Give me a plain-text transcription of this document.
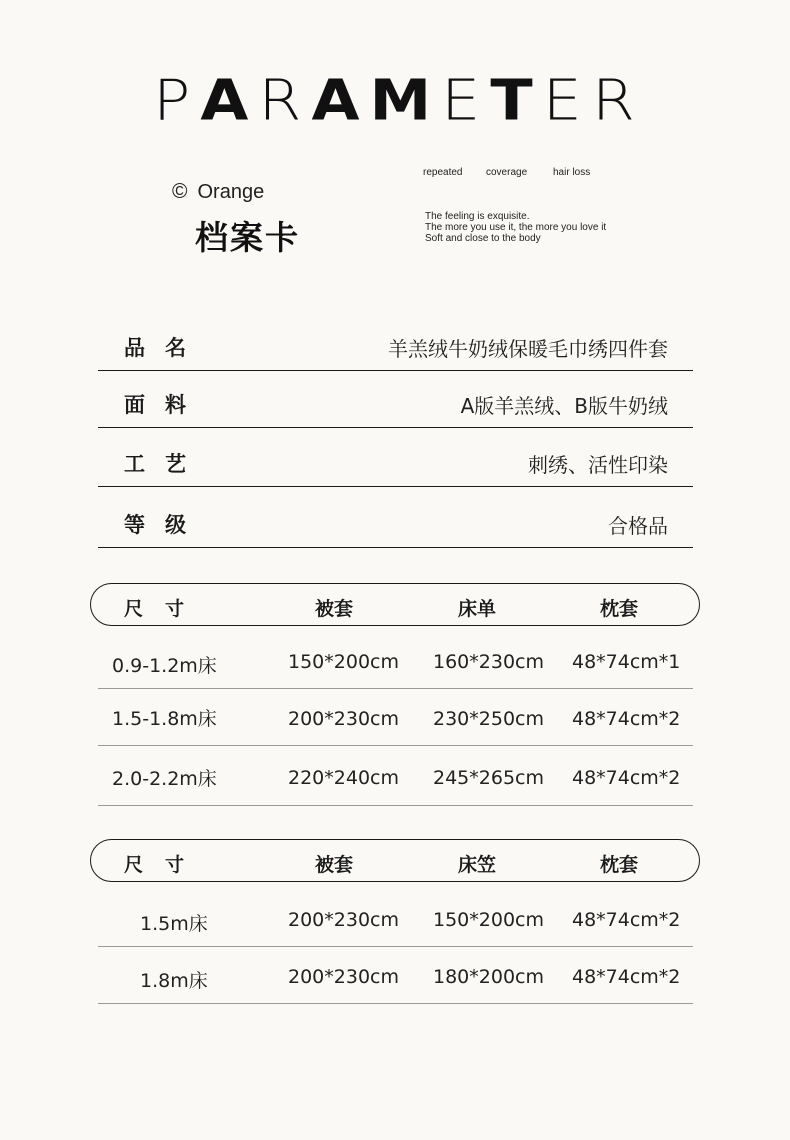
P A R A M E T E R
© Orange
档案卡
repeated	coverage	hair loss
The feeling is exquisite.
The more you use it, the more you love it
Soft and close to the body
品名	羊羔绒牛奶绒保暖毛巾绣四件套
面料	A版羊羔绒、B版牛奶绒
工艺	刺绣、活性印染
等级	合格品
尺寸	被套	床单	枕套
0.9-1.2m床	150*200cm 160*230cm 48*74cm*1
1.5-1.8m床	200*230cm 230*250cm 48*74cm*2
2.0-2.2m床	220*240cm 245*265cm 48*74cm*2
尺寸	被套	床笠	枕套
1.5m床	200*230cm 150*200cm 48*74cm*2
1.8m床	200*230cm 180*200cm 48*74cm*2
